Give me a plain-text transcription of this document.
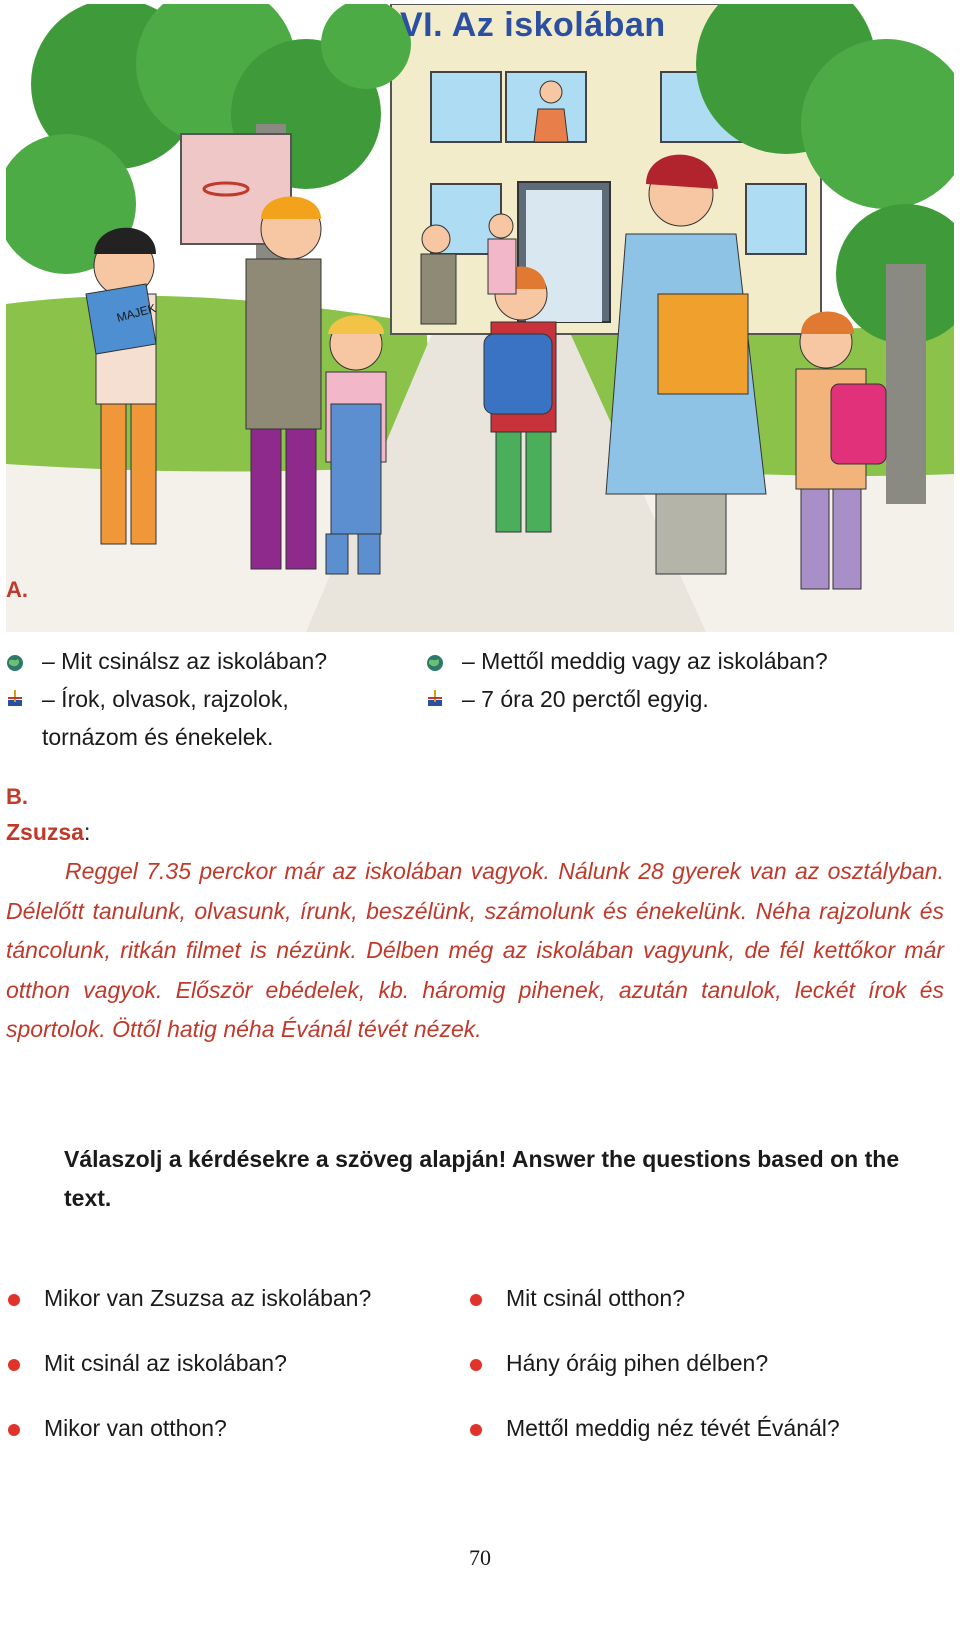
MAJEK
VI. Az iskolában
A.
– Mit csinálsz az iskolában?
– Írok, olvasok, rajzolok,
tornázom és énekelek.
– Mettől meddig vagy az iskolában?
– 7 óra 20 perctől egyig.
B.
Zsuzsa:

Reggel 7.35 perckor már az iskolában vagyok. Nálunk 28 gyerek van az osztályban. Délelőtt tanulunk, olvasunk, írunk, beszélünk, számolunk és énekelünk. Néha rajzolunk és táncolunk, ritkán filmet is nézünk. Délben még az iskolában vagyunk, de fél kettőkor már otthon vagyok. Először ebédelek, kb. háromig pihenek, azután tanulok, leckét írok és sportolok. Öttől hatig néha Évánál tévét nézek.

Válaszolj a kérdésekre a szöveg alapján! Answer the questions based on the text.

Mikor van Zsuzsa az iskolában?
Mit csinál az iskolában?
Mikor van otthon?
Mit csinál otthon?
Hány óráig pihen délben?
Mettől meddig néz tévét Évánál?
70
